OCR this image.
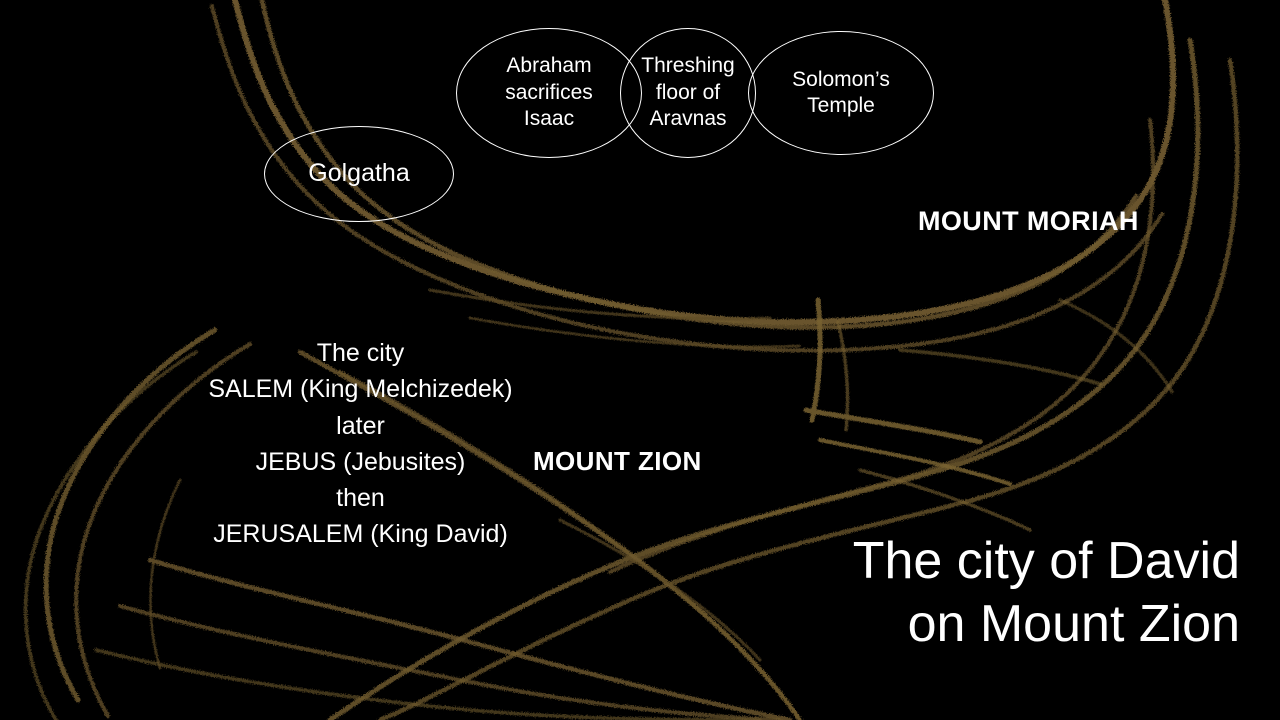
Golgatha
Abraham
sacrifices
Isaac
Threshing
floor of
Aravnas
Solomon’s
Temple
MOUNT MORIAH
MOUNT ZION
The city
SALEM (King Melchizedek)
later
JEBUS (Jebusites)
then
JERUSALEM (King David)	The city of David
on Mount Zion
